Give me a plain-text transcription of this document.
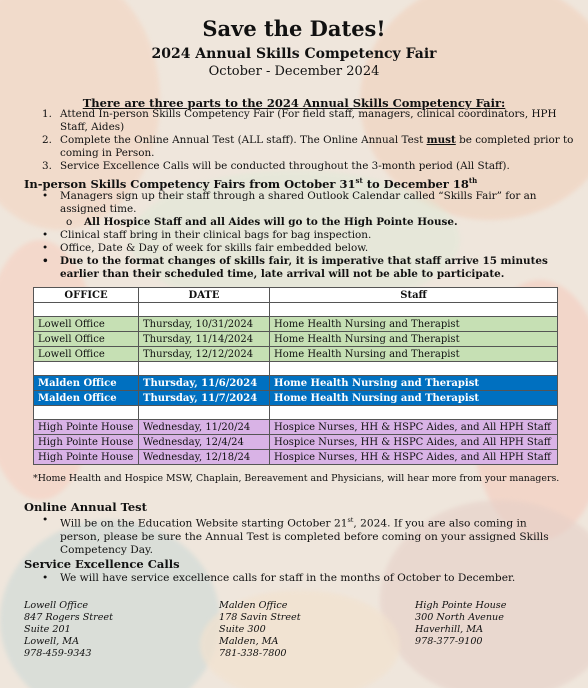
Save the Dates!
2024 Annual Skills Competency Fair
October - December 2024
There are three parts to the 2024 Annual Skills Competency Fair:
1. Attend In-person Skills Competency Fair (For field staff, managers, clinical coordinators, HPH Staff, Aides)
2. Complete the Online Annual Test (ALL staff). The Online Annual Test must be completed prior to coming in Person.
3. Service Excellence Calls will be conducted throughout the 3-month period (All Staff).
In-person Skills Competency Fairs from October 31st to December 18th
• Managers sign up their staff through a shared Outlook Calendar called “Skills Fair” for an assigned time.
o All Hospice Staff and all Aides will go to the High Pointe House.
• Clinical staff bring in their clinical bags for bag inspection.
• Office, Date & Day of week for skills fair embedded below.
• Due to the format changes of skills fair, it is imperative that staff arrive 15 minutes earlier than their scheduled time, late arrival will not be able to participate.
OFFICE	DATE	Staff

Lowell Office	Thursday, 10/31/2024	Home Health Nursing and Therapist
Lowell Office	Thursday, 11/14/2024	Home Health Nursing and Therapist
Lowell Office	Thursday, 12/12/2024	Home Health Nursing and Therapist

Malden Office	Thursday, 11/6/2024	Home Health Nursing and Therapist
Malden Office	Thursday, 11/7/2024	Home Health Nursing and Therapist

High Pointe House	Wednesday, 11/20/24	Hospice Nurses, HH & HSPC Aides, and All HPH Staff
High Pointe House	Wednesday, 12/4/24	Hospice Nurses, HH & HSPC Aides, and All HPH Staff
High Pointe House	Wednesday, 12/18/24	Hospice Nurses, HH & HSPC Aides, and All HPH Staff
*Home Health and Hospice MSW, Chaplain, Bereavement and Physicians, will hear more from your managers.
Online Annual Test
• Will be on the Education Website starting October 21st, 2024. If you are also coming in person, please be sure the Annual Test is completed before coming on your assigned Skills Competency Day.
Service Excellence Calls
• We will have service excellence calls for staff in the months of October to December.
Lowell Office
847 Rogers Street
Suite 201
Lowell, MA
978-459-9343
Malden Office
178 Savin Street
Suite 300
Malden, MA
781-338-7800
High Pointe House
300 North Avenue
Haverhill, MA
978-377-9100
